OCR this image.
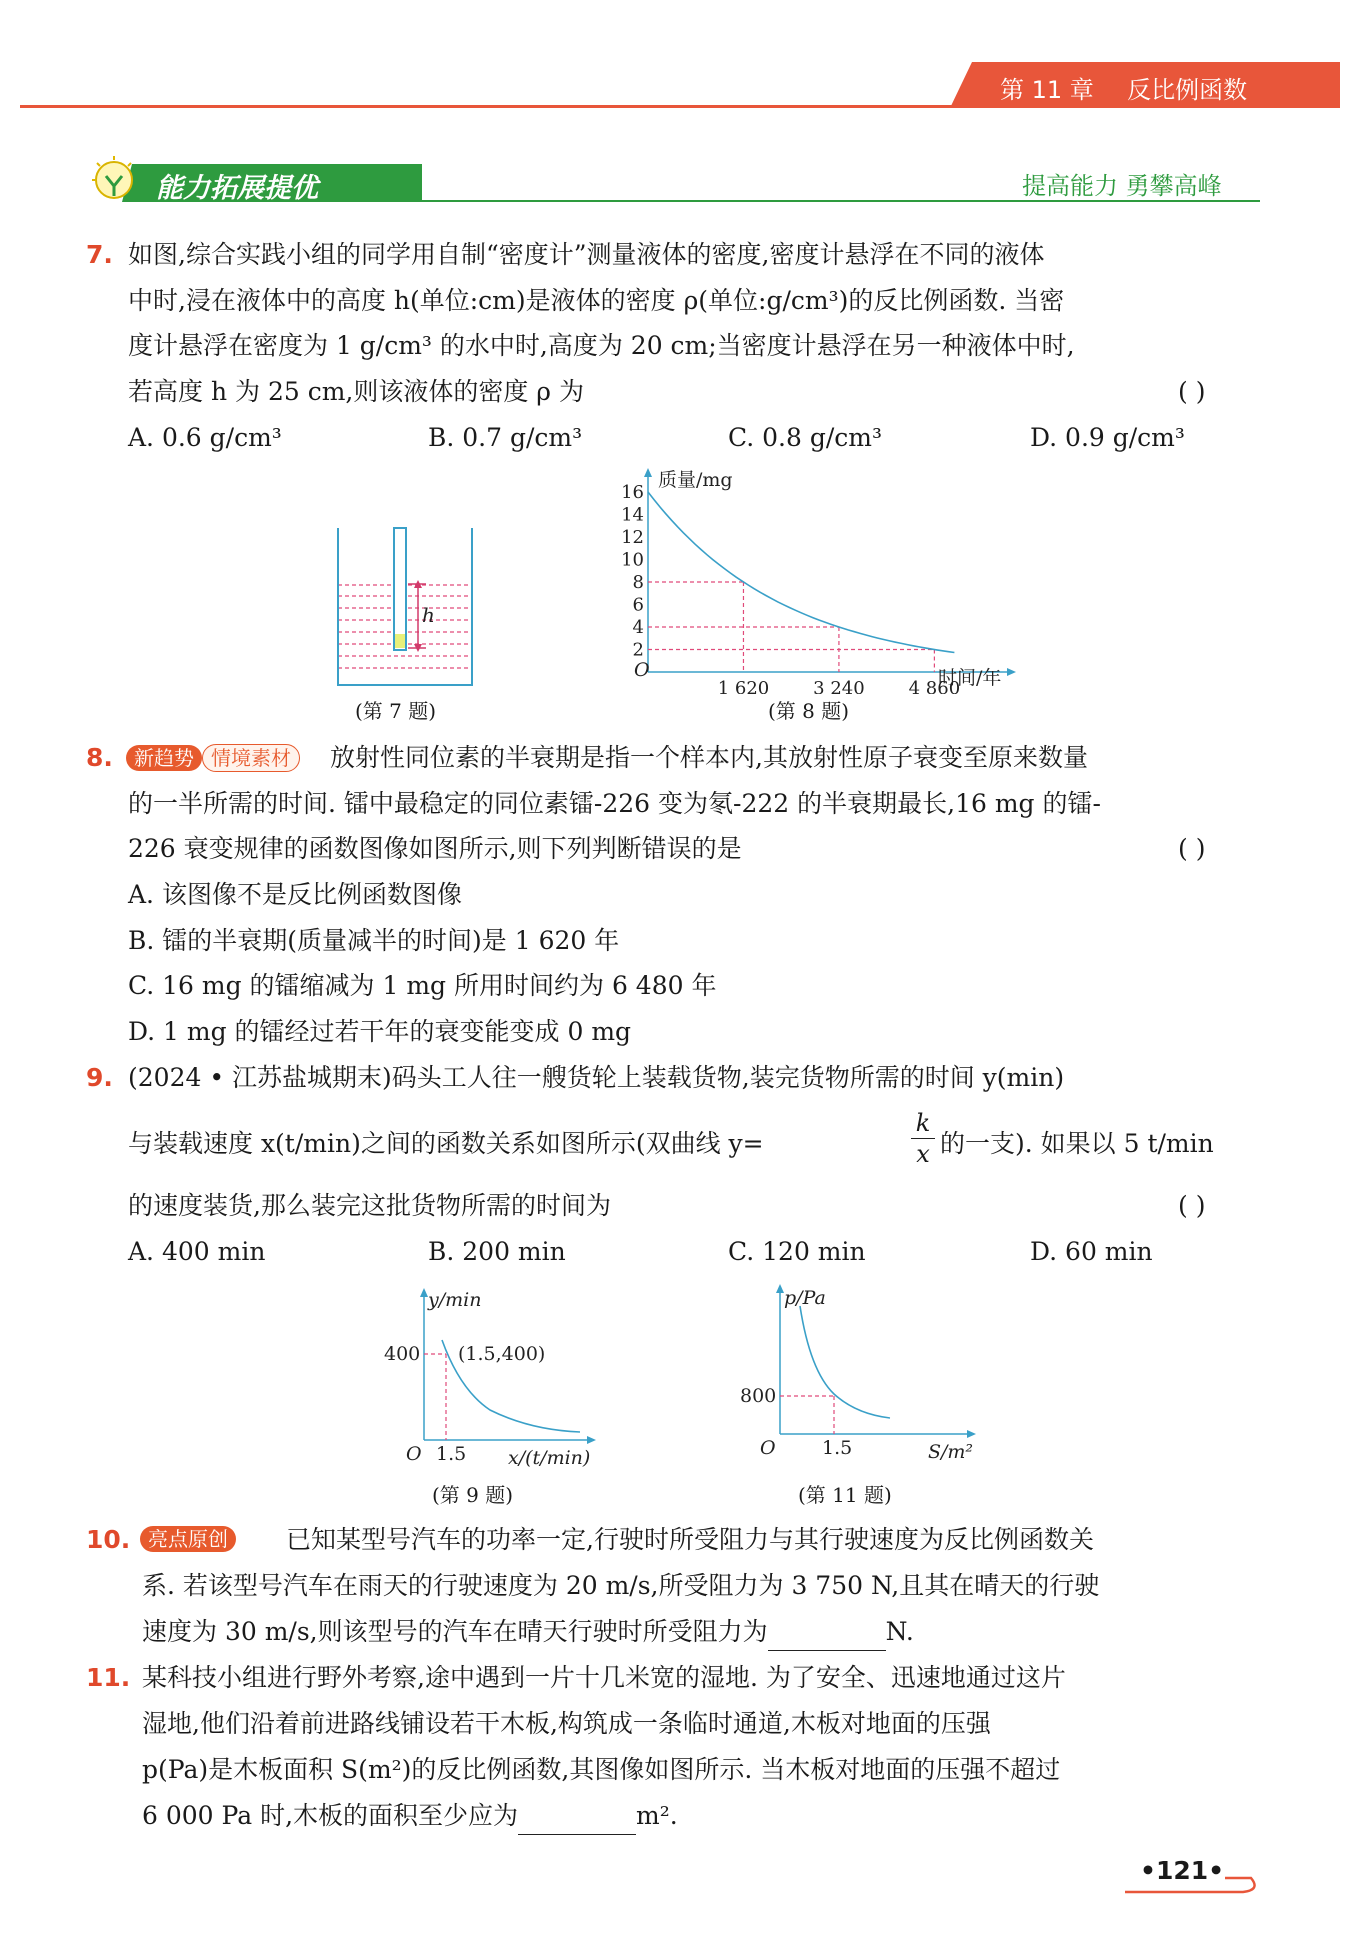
第 11 章 反比例函数
能力拓展提优	提高能力 勇攀高峰
7. 如图,综合实践小组的同学用自制“密度计”测量液体的密度,密度计悬浮在不同的液体
中时,浸在液体中的高度 h(单位:cm)是液体的密度 ρ(单位:g/cm³)的反比例函数. 当密
度计悬浮在密度为 1 g/cm³ 的水中时,高度为 20 cm;当密度计悬浮在另一种液体中时,
若高度 h 为 25 cm,则该液体的密度 ρ 为	( )
A. 0.6 g/cm³	B. 0.7 g/cm³	C. 0.8 g/cm³	D. 0.9 g/cm³
h
(第 7 题)
16
14
12
10
8
6
4
2
1 620 3 240 4 860
质量/mg
O	时间/年
(第 8 题)
8.	新趋势 情境素材	放射性同位素的半衰期是指一个样本内,其放射性原子衰变至原来数量
的一半所需的时间. 镭中最稳定的同位素镭-226 变为氡-222 的半衰期最长,16 mg 的镭-
226 衰变规律的函数图像如图所示,则下列判断错误的是	( )
A. 该图像不是反比例函数图像
B. 镭的半衰期(质量减半的时间)是 1 620 年
C. 16 mg 的镭缩减为 1 mg 所用时间约为 6 480 年
D. 1 mg 的镭经过若干年的衰变能变成 0 mg
9. (2024 • 江苏盐城期末)码头工人往一艘货轮上装载货物,装完货物所需的时间 y(min)
与装载速度 x(t/min)之间的函数关系如图所示(双曲线 y=	$\frac{k}{x}$ 的一支). 如果以 5 t/min
的速度装货,那么装完这批货物所需的时间为	( )
A. 400 min	B. 200 min	C. 120 min	D. 60 min
y/min
400 (1.5,400)
O 1.5 x/(t/min)
(第 9 题)
p/Pa
800
O 1.5	S/m²
(第 11 题)
10. 亮点原创	已知某型号汽车的功率一定,行驶时所受阻力与其行驶速度为反比例函数关
系. 若该型号汽车在雨天的行驶速度为 20 m/s,所受阻力为 3 750 N,且其在晴天的行驶
速度为 30 m/s,则该型号的汽车在晴天行驶时所受阻力为	N.
11. 某科技小组进行野外考察,途中遇到一片十几米宽的湿地. 为了安全、迅速地通过这片
湿地,他们沿着前进路线铺设若干木板,构筑成一条临时通道,木板对地面的压强
p(Pa)是木板面积 S(m²)的反比例函数,其图像如图所示. 当木板对地面的压强不超过
6 000 Pa 时,木板的面积至少应为	m².
•121•
